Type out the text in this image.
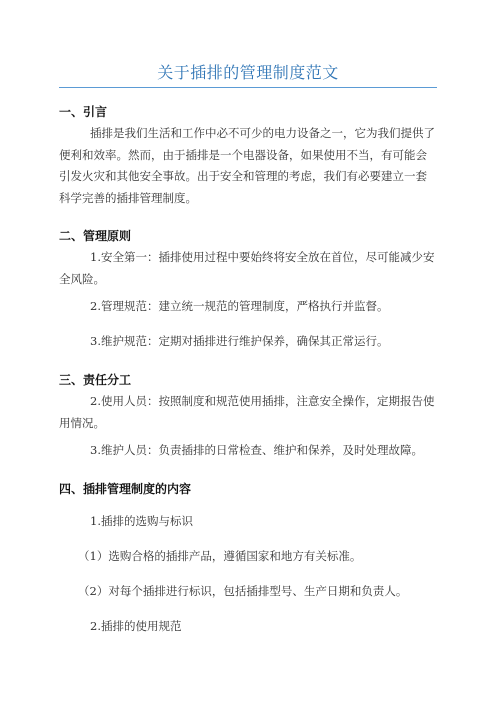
关于插排的管理制度范文
一、引言
插排是我们生活和工作中必不可少的电力设备之一，它为我们提供了
便利和效率。然而，由于插排是一个电器设备，如果使用不当，有可能会
引发火灾和其他安全事故。出于安全和管理的考虑，我们有必要建立一套
科学完善的插排管理制度。
二、管理原则
1.安全第一：插排使用过程中要始终将安全放在首位，尽可能减少安
全风险。
2.管理规范：建立统一规范的管理制度，严格执行并监督。
3.维护规范：定期对插排进行维护保养，确保其正常运行。
三、责任分工
2.使用人员：按照制度和规范使用插排，注意安全操作，定期报告使
用情况。
3.维护人员：负责插排的日常检查、维护和保养，及时处理故障。
四、插排管理制度的内容
1.插排的选购与标识
（1）选购合格的插排产品，遵循国家和地方有关标准。
（2）对每个插排进行标识，包括插排型号、生产日期和负责人。
2.插排的使用规范
